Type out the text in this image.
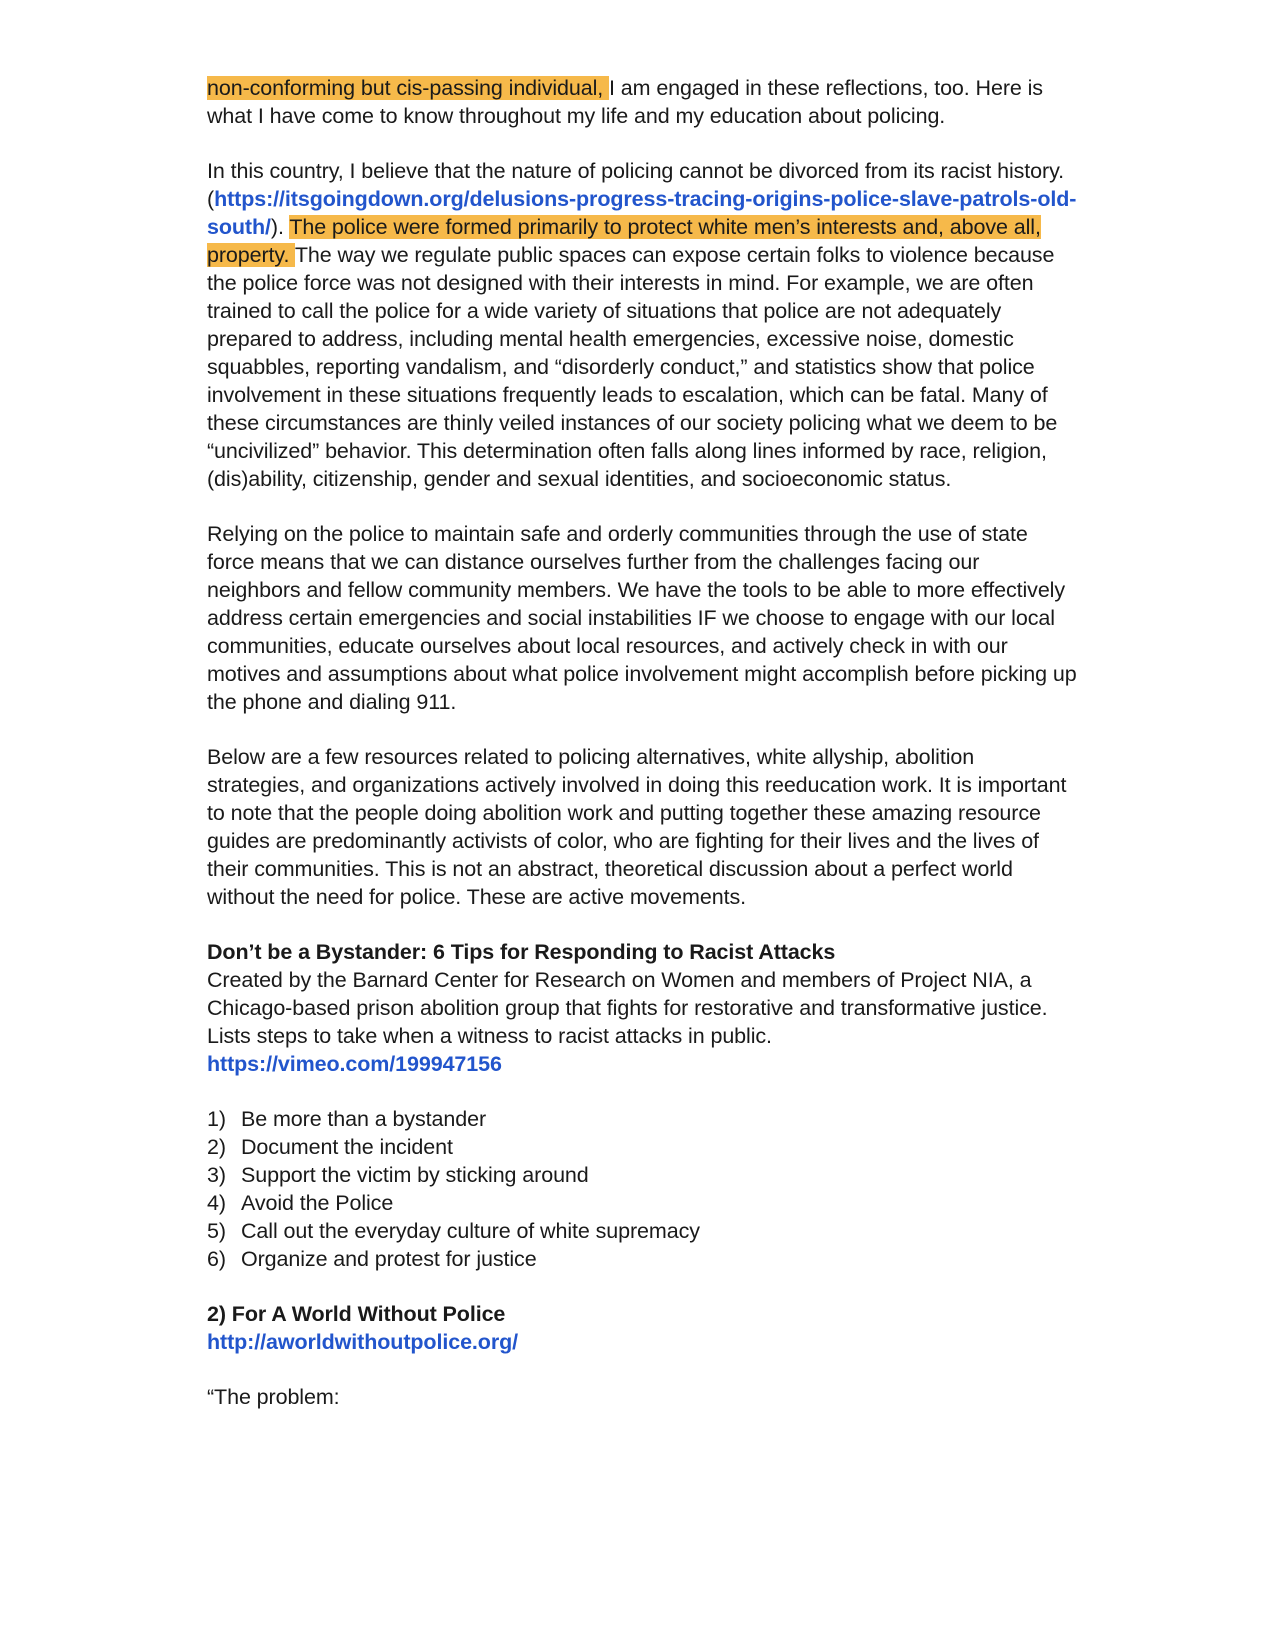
non-conforming but cis-passing individual, I am engaged in these reflections, too. Here is what I have come to know throughout my life and my education about policing.

In this country, I believe that the nature of policing cannot be divorced from its racist history. (https://itsgoingdown.org/delusions-progress-tracing-origins-police-slave-patrols-old-south/). The police were formed primarily to protect white men’s interests and, above all, property. The way we regulate public spaces can expose certain folks to violence because the police force was not designed with their interests in mind. For example, we are often trained to call the police for a wide variety of situations that police are not adequately prepared to address, including mental health emergencies, excessive noise, domestic squabbles, reporting vandalism, and “disorderly conduct,” and statistics show that police involvement in these situations frequently leads to escalation, which can be fatal. Many of these circumstances are thinly veiled instances of our society policing what we deem to be “uncivilized” behavior. This determination often falls along lines informed by race, religion, (dis)ability, citizenship, gender and sexual identities, and socioeconomic status.

Relying on the police to maintain safe and orderly communities through the use of state force means that we can distance ourselves further from the challenges facing our neighbors and fellow community members. We have the tools to be able to more effectively address certain emergencies and social instabilities IF we choose to engage with our local communities, educate ourselves about local resources, and actively check in with our motives and assumptions about what police involvement might accomplish before picking up the phone and dialing 911.

Below are a few resources related to policing alternatives, white allyship, abolition strategies, and organizations actively involved in doing this reeducation work. It is important to note that the people doing abolition work and putting together these amazing resource guides are predominantly activists of color, who are fighting for their lives and the lives of their communities. This is not an abstract, theoretical discussion about a perfect world without the need for police. These are active movements.

Don’t be a Bystander: 6 Tips for Responding to Racist Attacks
Created by the Barnard Center for Research on Women and members of Project NIA, a Chicago-based prison abolition group that fights for restorative and transformative justice. Lists steps to take when a witness to racist attacks in public.

https://vimeo.com/199947156

1) Be more than a bystander
2) Document the incident
3) Support the victim by sticking around
4) Avoid the Police
5) Call out the everyday culture of white supremacy
6) Organize and protest for justice
2) For A World Without Police

http://aworldwithoutpolice.org/

“The problem:
